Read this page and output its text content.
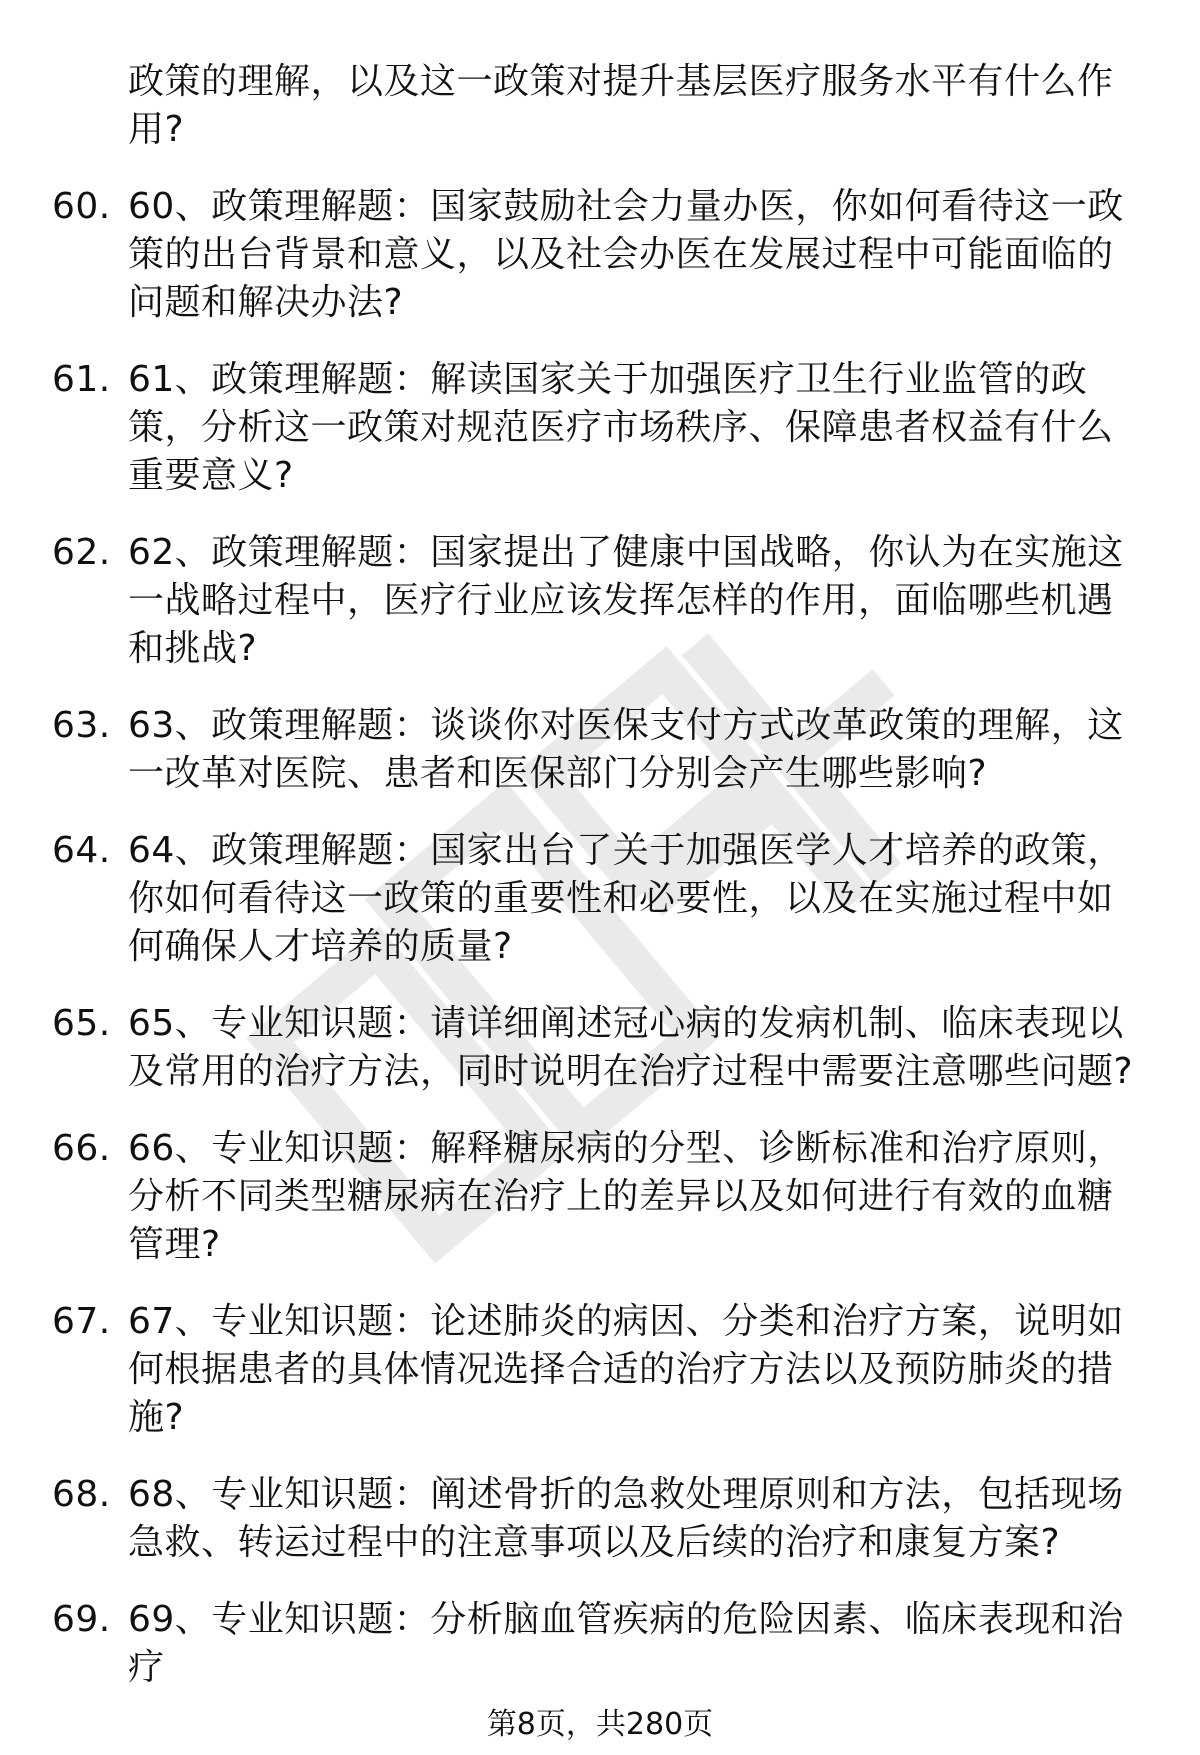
政策的理解，以及这一政策对提升基层医疗服务水平有什么作用?
60. 60、政策理解题：国家鼓励社会力量办医，你如何看待这一政策的出台背景和意义，以及社会办医在发展过程中可能面临的问题和解决办法?
61. 61、政策理解题：解读国家关于加强医疗卫生行业监管的政策，分析这一政策对规范医疗市场秩序、保障患者权益有什么重要意义?
62. 62、政策理解题：国家提出了健康中国战略，你认为在实施这一战略过程中，医疗行业应该发挥怎样的作用，面临哪些机遇和挑战?
63. 63、政策理解题：谈谈你对医保支付方式改革政策的理解，这一改革对医院、患者和医保部门分别会产生哪些影响?
64. 64、政策理解题：国家出台了关于加强医学人才培养的政策，你如何看待这一政策的重要性和必要性，以及在实施过程中如何确保人才培养的质量?
65. 65、专业知识题：请详细阐述冠心病的发病机制、临床表现以及常用的治疗方法，同时说明在治疗过程中需要注意哪些问题?
66. 66、专业知识题：解释糖尿病的分型、诊断标准和治疗原则，分析不同类型糖尿病在治疗上的差异以及如何进行有效的血糖管理?
67. 67、专业知识题：论述肺炎的病因、分类和治疗方案，说明如何根据患者的具体情况选择合适的治疗方法以及预防肺炎的措施?
68. 68、专业知识题：阐述骨折的急救处理原则和方法，包括现场急救、转运过程中的注意事项以及后续的治疗和康复方案?
69. 69、专业知识题：分析脑血管疾病的危险因素、临床表现和治疗
第8页，共280页
